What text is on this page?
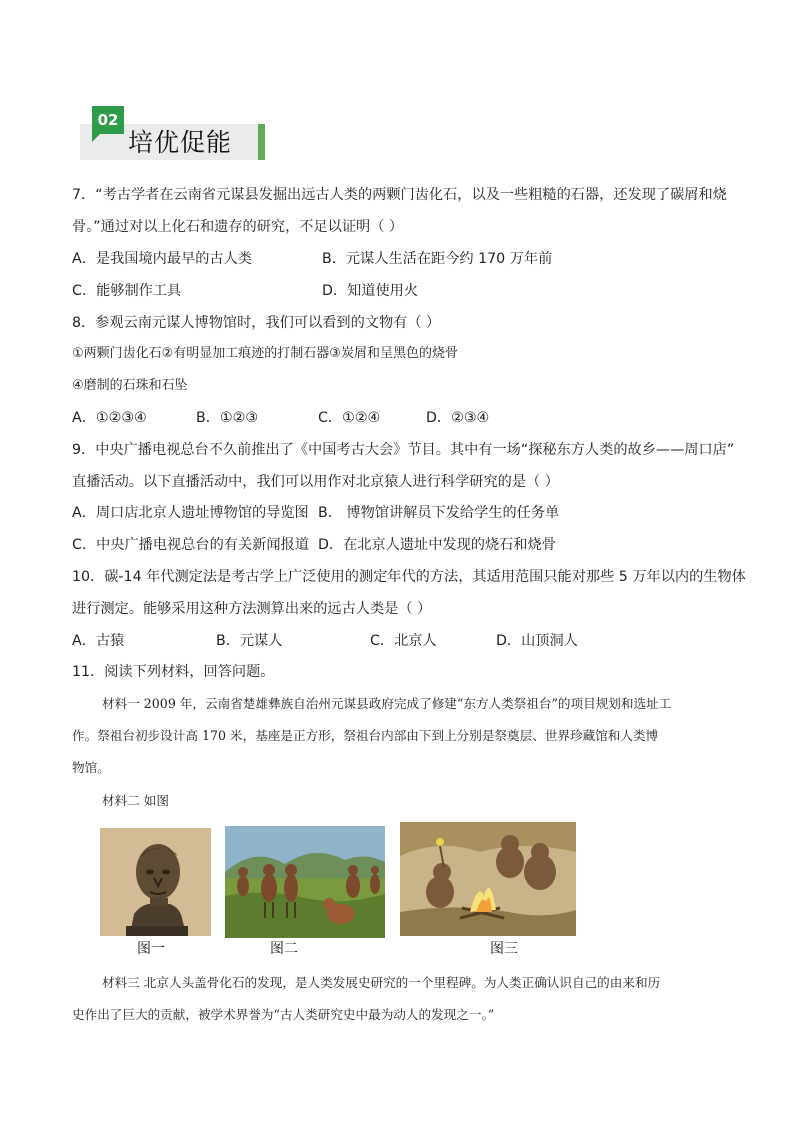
02
培优促能
7．“考古学者在云南省元谋县发掘出远古人类的两颗门齿化石，以及一些粗糙的石器，还发现了碳屑和烧
骨。”通过对以上化石和遗存的研究，不足以证明（ ）
A．是我国境内最早的古人类	B．元谋人生活在距今约 170 万年前
C．能够制作工具	D．知道使用火
8．参观云南元谋人博物馆时，我们可以看到的文物有（ ）
①两颗门齿化石②有明显加工痕迹的打制石器③炭屑和呈黑色的烧骨
④磨制的石珠和石坠
A．①②③④	B．①②③	C．①②④	D．②③④
9．中央广播电视总台不久前推出了《中国考古大会》节目。其中有一场“探秘东方人类的故乡——周口店”
直播活动。以下直播活动中，我们可以用作对北京猿人进行科学研究的是（ ）
A．周口店北京人遗址博物馆的导览图 B． 博物馆讲解员下发给学生的任务单
C．中央广播电视总台的有关新闻报道 D．在北京人遗址中发现的烧石和烧骨
10．碳-14 年代测定法是考古学上广泛使用的测定年代的方法，其适用范围只能对那些 5 万年以内的生物体
进行测定。能够采用这种方法测算出来的远古人类是（ ）
A．古猿	B．元谋人	C．北京人	D．山顶洞人
11．阅读下列材料，回答问题。
材料一 2009 年，云南省楚雄彝族自治州元谋县政府完成了修建“东方人类祭祖台”的项目规划和选址工
作。祭祖台初步设计高 170 米，基座是正方形，祭祖台内部由下到上分别是祭奠层、世界珍藏馆和人类博
物馆。
材料二 如图
图一	图二	图三
材料三 北京人头盖骨化石的发现，是人类发展史研究的一个里程碑。为人类正确认识自己的由来和历
史作出了巨大的贡献，被学术界誉为“古人类研究史中最为动人的发现之一。”
